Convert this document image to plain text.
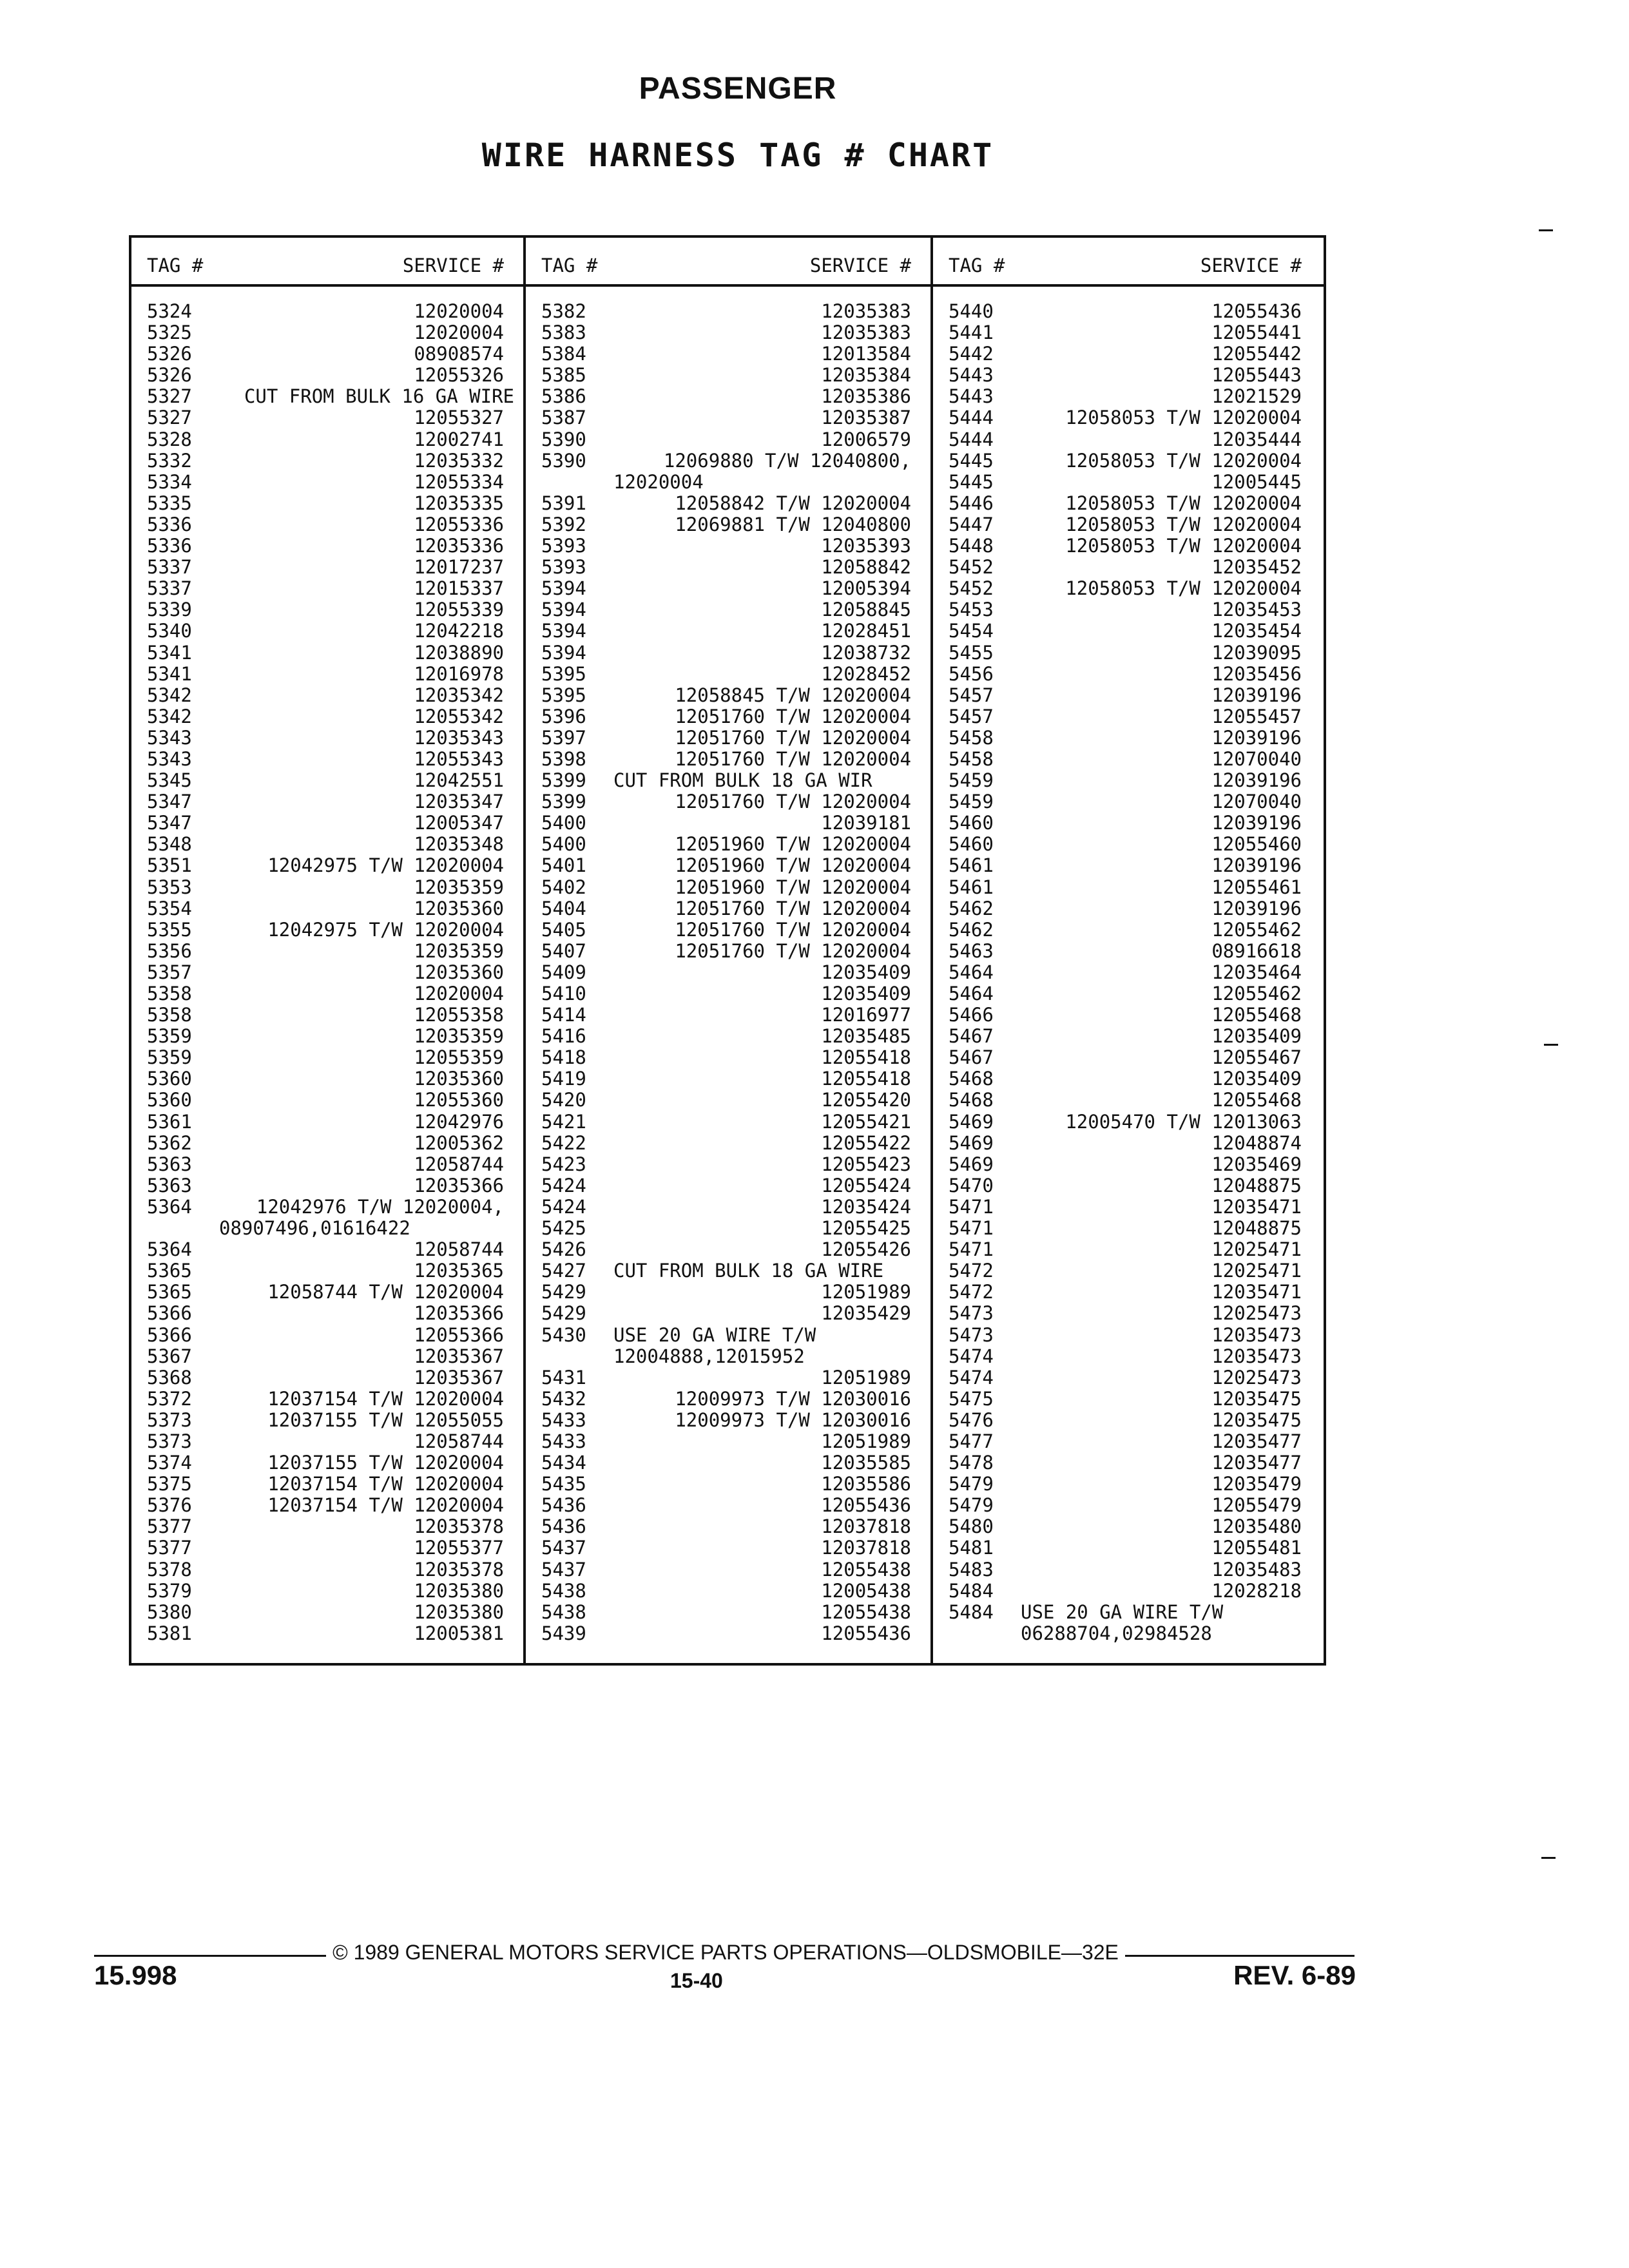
PASSENGER
WIRE HARNESS TAG # CHART
TAG #	SERVICE #
5324	12020004
5325	12020004
5326	08908574
5326	12055326
5327	CUT FROM BULK 16 GA WIRE
5327	12055327
5328	12002741
5332	12035332
5334	12055334
5335	12035335
5336	12055336
5336	12035336
5337	12017237
5337	12015337
5339	12055339
5340	12042218
5341	12038890
5341	12016978
5342	12035342
5342	12055342
5343	12035343
5343	12055343
5345	12042551
5347	12035347
5347	12005347
5348	12035348
5351	12042975 T/W 12020004
5353	12035359
5354	12035360
5355	12042975 T/W 12020004
5356	12035359
5357	12035360
5358	12020004
5358	12055358
5359	12035359
5359	12055359
5360	12035360
5360	12055360
5361	12042976
5362	12005362
5363	12058744
5363	12035366
5364	12042976 T/W 12020004,
08907496,01616422
5364	12058744
5365	12035365
5365	12058744 T/W 12020004
5366	12035366
5366	12055366
5367	12035367
5368	12035367
5372	12037154 T/W 12020004
5373	12037155 T/W 12055055
5373	12058744
5374	12037155 T/W 12020004
5375	12037154 T/W 12020004
5376	12037154 T/W 12020004
5377	12035378
5377	12055377
5378	12035378
5379	12035380
5380	12035380
5381	12005381
TAG #	SERVICE #
5382	12035383
5383	12035383
5384	12013584
5385	12035384
5386	12035386
5387	12035387
5390	12006579
5390	12069880 T/W 12040800,
12020004
5391	12058842 T/W 12020004
5392	12069881 T/W 12040800
5393	12035393
5393	12058842
5394	12005394
5394	12058845
5394	12028451
5394	12038732
5395	12028452
5395	12058845 T/W 12020004
5396	12051760 T/W 12020004
5397	12051760 T/W 12020004
5398	12051760 T/W 12020004
5399	CUT FROM BULK 18 GA WIR
5399	12051760 T/W 12020004
5400	12039181
5400	12051960 T/W 12020004
5401	12051960 T/W 12020004
5402	12051960 T/W 12020004
5404	12051760 T/W 12020004
5405	12051760 T/W 12020004
5407	12051760 T/W 12020004
5409	12035409
5410	12035409
5414	12016977
5416	12035485
5418	12055418
5419	12055418
5420	12055420
5421	12055421
5422	12055422
5423	12055423
5424	12055424
5424	12035424
5425	12055425
5426	12055426
5427	CUT FROM BULK 18 GA WIRE
5429	12051989
5429	12035429
5430	USE 20 GA WIRE T/W
12004888,12015952
5431	12051989
5432	12009973 T/W 12030016
5433	12009973 T/W 12030016
5433	12051989
5434	12035585
5435	12035586
5436	12055436
5436	12037818
5437	12037818
5437	12055438
5438	12005438
5438	12055438
5439	12055436
TAG #	SERVICE #
5440	12055436
5441	12055441
5442	12055442
5443	12055443
5443	12021529
5444	12058053 T/W 12020004
5444	12035444
5445	12058053 T/W 12020004
5445	12005445
5446	12058053 T/W 12020004
5447	12058053 T/W 12020004
5448	12058053 T/W 12020004
5452	12035452
5452	12058053 T/W 12020004
5453	12035453
5454	12035454
5455	12039095
5456	12035456
5457	12039196
5457	12055457
5458	12039196
5458	12070040
5459	12039196
5459	12070040
5460	12039196
5460	12055460
5461	12039196
5461	12055461
5462	12039196
5462	12055462
5463	08916618
5464	12035464
5464	12055462
5466	12055468
5467	12035409
5467	12055467
5468	12035409
5468	12055468
5469	12005470 T/W 12013063
5469	12048874
5469	12035469
5470	12048875
5471	12035471
5471	12048875
5471	12025471
5472	12025471
5472	12035471
5473	12025473
5473	12035473
5474	12035473
5474	12025473
5475	12035475
5476	12035475
5477	12035477
5478	12035477
5479	12035479
5479	12055479
5480	12035480
5481	12055481
5483	12035483
5484	12028218
5484	USE 20 GA WIRE T/W
06288704,02984528
© 1989 GENERAL MOTORS SERVICE PARTS OPERATIONS—OLDSMOBILE—32E
15.998	15-40	REV. 6-89
